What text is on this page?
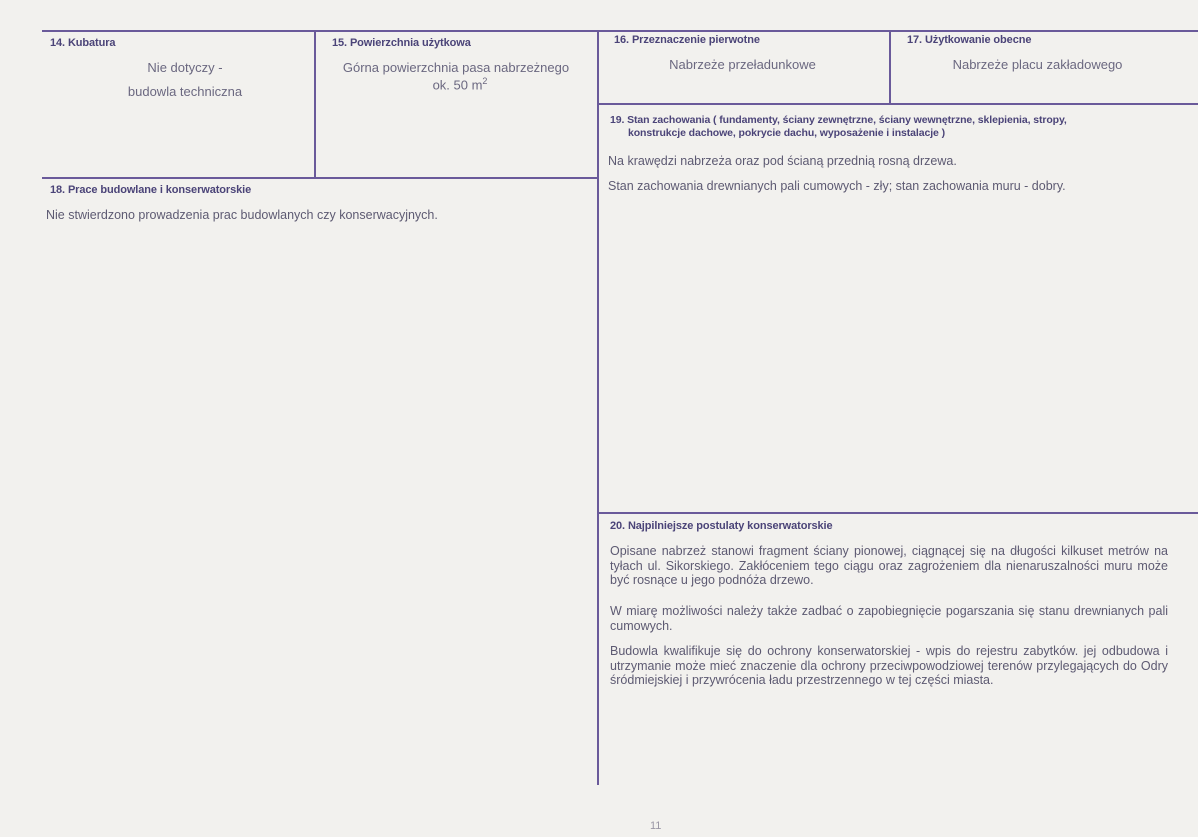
14. Kubatura
Nie dotyczy -
budowla techniczna
15. Powierzchnia użytkowa
Górna powierzchnia pasa nabrzeżnego
ok. 50 $m^2$
16. Przeznaczenie pierwotne
Nabrzeże przeładunkowe
17. Użytkowanie obecne
Nabrzeże placu zakładowego
18. Prace budowlane i konserwatorskie
Nie stwierdzono prowadzenia prac budowlanych czy konserwacyjnych.
19. Stan zachowania ( fundamenty, ściany zewnętrzne, ściany wewnętrzne, sklepienia, stropy,
konstrukcje dachowe, pokrycie dachu, wyposażenie i instalacje )
Na krawędzi nabrzeża oraz pod ścianą przednią rosną drzewa.
Stan zachowania drewnianych pali cumowych - zły; stan zachowania muru - dobry.
20. Najpilniejsze postulaty konserwatorskie
Opisane nabrzeż stanowi fragment ściany pionowej, ciągnącej się na długości kilkuset metrów na tyłach ul. Sikorskiego. Zakłóceniem tego ciągu oraz zagrożeniem dla nienaruszalności muru może być rosnące u jego podnóża drzewo.
W miarę możliwości należy także zadbać o zapobiegnięcie pogarszania się stanu drewnianych pali cumowych.
Budowla kwalifikuje się do ochrony konserwatorskiej - wpis do rejestru zabytków. jej odbudowa i utrzymanie może mieć znaczenie dla ochrony przeciwpowodziowej terenów przylegających do Odry śródmiejskiej i przywrócenia ładu przestrzennego w tej części miasta.
11
